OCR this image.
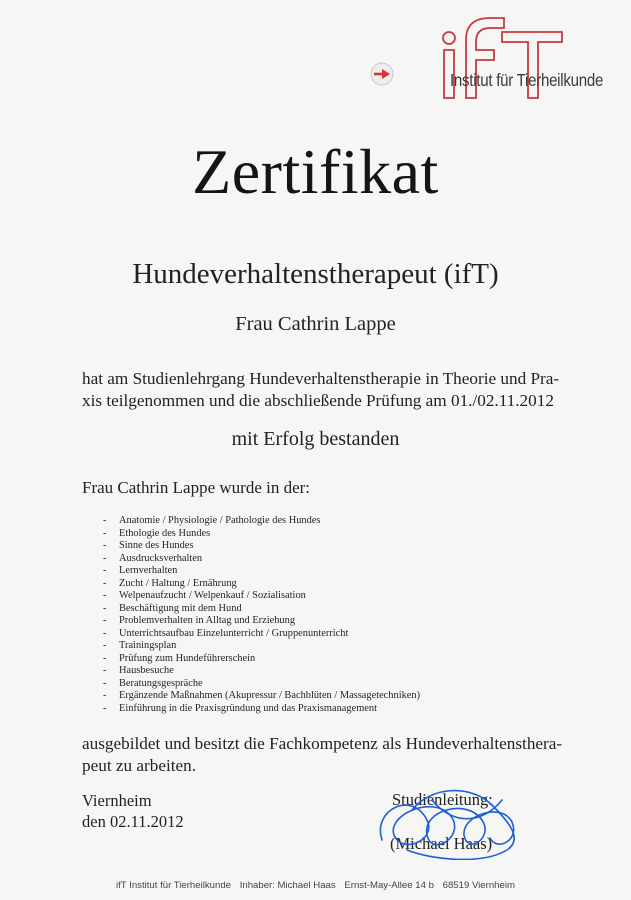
Institut für Tierheilkunde
Zertifikat
Hundeverhaltenstherapeut (ifT)
Frau Cathrin Lappe
hat am Studienlehrgang Hundeverhaltenstherapie in Theorie und Pra-
xis teilgenommen und die abschließende Prüfung am 01./02.11.2012
mit Erfolg bestanden
Frau Cathrin Lappe wurde in der:
- Anatomie / Physiologie / Pathologie des Hundes
- Ethologie des Hundes
- Sinne des Hundes
- Ausdrucksverhalten
- Lernverhalten
- Zucht / Haltung / Ernährung
- Welpenaufzucht / Welpenkauf / Sozialisation
- Beschäftigung mit dem Hund
- Problemverhalten in Alltag und Erziehung
- Unterrichtsaufbau Einzelunterricht / Gruppenunterricht
- Trainingsplan
- Prüfung zum Hundeführerschein
- Hausbesuche
- Beratungsgespräche
- Ergänzende Maßnahmen (Akupressur / Bachblüten / Massagetechniken)
- Einführung in die Praxisgründung und das Praxismanagement
ausgebildet und besitzt die Fachkompetenz als Hundeverhaltensthera-
peut zu arbeiten.
Viernheim
den 02.11.2012
Studienleitung:
(Michael Haas)
ifT Institut für Tierheilkunde Inhaber: Michael Haas Ernst-May-Allee 14 b 68519 Viernheim
